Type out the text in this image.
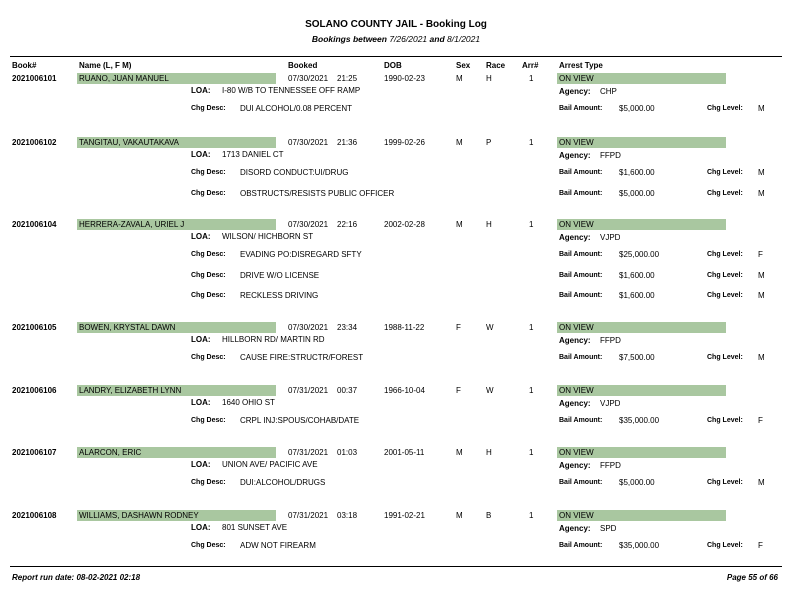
SOLANO COUNTY JAIL - Booking Log
Bookings between 7/26/2021 and 8/1/2021
Book#	Name (L, F M)	Booked	DOB	Sex Race Arr#	Arrest Type
2021006101	RUANO, JUAN MANUEL	07/30/2021 21:25	1990-02-23	M	H	1	ON VIEW
LOA: I-80 W/B TO TENNESSEE OFF RAMP	Agency: CHP
Chg Desc: DUI ALCOHOL/0.08 PERCENT	Bail Amount: $5,000.00	Chg Level: M
2021006102	TANGITAU, VAKAUTAKAVA	07/30/2021 21:36	1999-02-26	M	P	1	ON VIEW
LOA: 1713 DANIEL CT	Agency: FFPD
Chg Desc: DISORD CONDUCT:UI/DRUG	Bail Amount: $1,600.00	Chg Level: M
Chg Desc: OBSTRUCTS/RESISTS PUBLIC OFFICER	Bail Amount: $5,000.00	Chg Level: M
2021006104	HERRERA-ZAVALA, URIEL J	07/30/2021 22:16	2002-02-28	M	H	1	ON VIEW
LOA: WILSON/ HICHBORN ST	Agency: VJPD
Chg Desc: EVADING PO:DISREGARD SFTY	Bail Amount: $25,000.00	Chg Level: F
Chg Desc: DRIVE W/O LICENSE	Bail Amount: $1,600.00	Chg Level: M
Chg Desc: RECKLESS DRIVING	Bail Amount: $1,600.00	Chg Level: M
2021006105	BOWEN, KRYSTAL DAWN	07/30/2021 23:34	1988-11-22	F	W	1	ON VIEW
LOA: HILLBORN RD/ MARTIN RD	Agency: FFPD
Chg Desc: CAUSE FIRE:STRUCTR/FOREST	Bail Amount: $7,500.00	Chg Level: M
2021006106	LANDRY, ELIZABETH LYNN	07/31/2021 00:37	1966-10-04	F	W	1	ON VIEW
LOA: 1640 OHIO ST	Agency: VJPD
Chg Desc: CRPL INJ:SPOUS/COHAB/DATE	Bail Amount: $35,000.00	Chg Level: F
2021006107	ALARCON, ERIC	07/31/2021 01:03	2001-05-11	M	H	1	ON VIEW
LOA: UNION AVE/ PACIFIC AVE	Agency: FFPD
Chg Desc: DUI:ALCOHOL/DRUGS	Bail Amount: $5,000.00	Chg Level: M
2021006108	WILLIAMS, DASHAWN RODNEY	07/31/2021 03:18	1991-02-21	M	B	1	ON VIEW
LOA: 801 SUNSET AVE	Agency: SPD
Chg Desc: ADW NOT FIREARM	Bail Amount: $35,000.00	Chg Level: F
Report run date: 08-02-2021 02:18	Page 55 of 66
